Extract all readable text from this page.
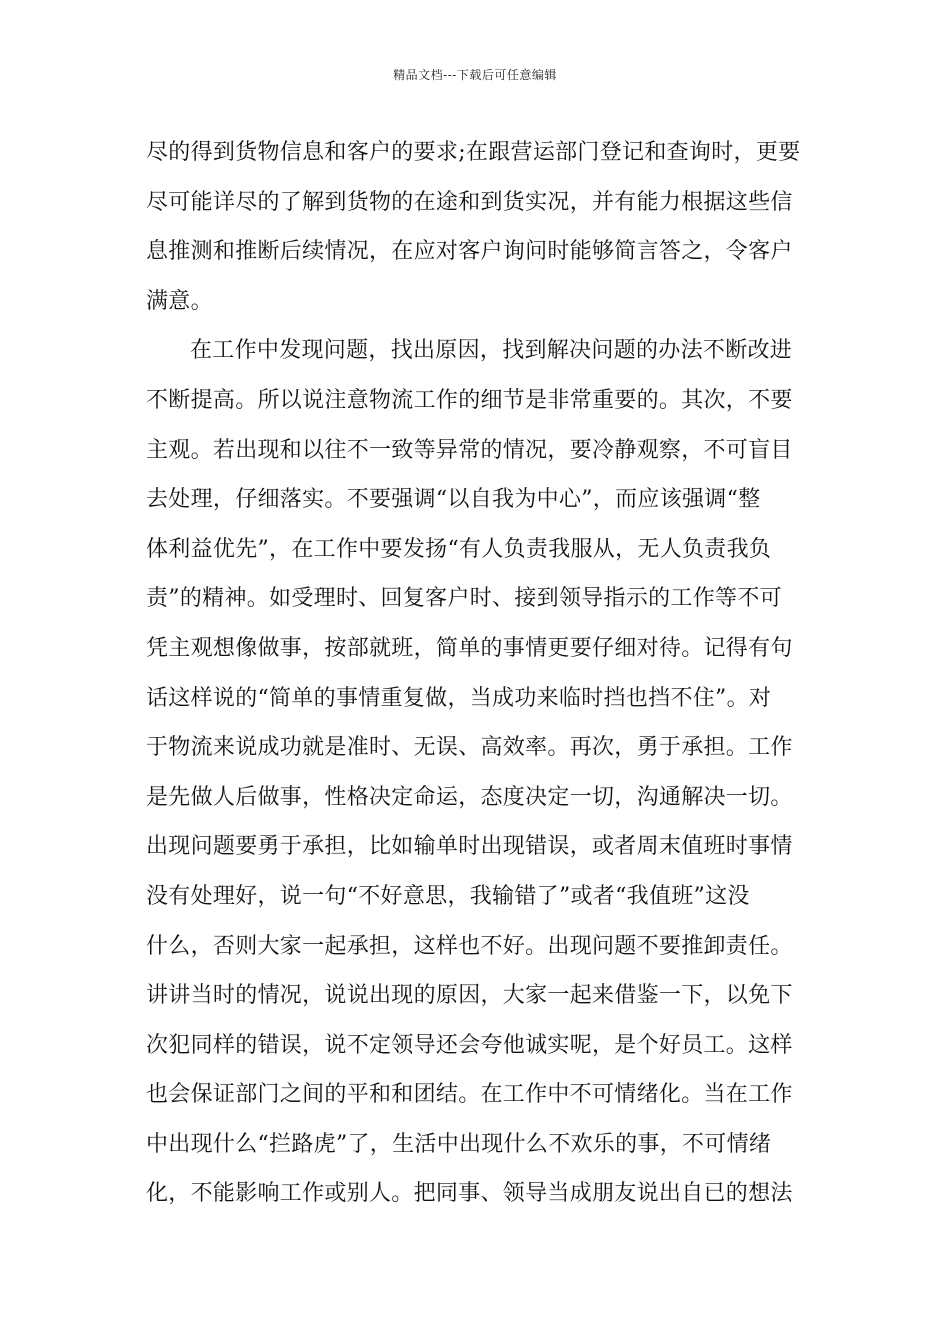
精品文档---下载后可任意编辑
尽的得到货物信息和客户的要求;在跟营运部门登记和查询时，更要
尽可能详尽的了解到货物的在途和到货实况，并有能力根据这些信
息推测和推断后续情况，在应对客户询问时能够简言答之，令客户
满意。
在工作中发现问题，找出原因，找到解决问题的办法不断改进
不断提高。所以说注意物流工作的细节是非常重要的。其次，不要
主观。若出现和以往不一致等异常的情况，要冷静观察，不可盲目
去处理，仔细落实。不要强调“以自我为中心”，而应该强调“整
体利益优先”，在工作中要发扬“有人负责我服从，无人负责我负
责”的精神。如受理时、回复客户时、接到领导指示的工作等不可
凭主观想像做事，按部就班，简单的事情更要仔细对待。记得有句
话这样说的“简单的事情重复做，当成功来临时挡也挡不住”。对
于物流来说成功就是准时、无误、高效率。再次，勇于承担。工作
是先做人后做事，性格决定命运，态度决定一切，沟通解决一切。
出现问题要勇于承担，比如输单时出现错误，或者周末值班时事情
没有处理好，说一句“不好意思，我输错了”或者“我值班”这没
什么，否则大家一起承担，这样也不好。出现问题不要推卸责任。
讲讲当时的情况，说说出现的原因，大家一起来借鉴一下，以免下
次犯同样的错误，说不定领导还会夸他诚实呢，是个好员工。这样
也会保证部门之间的平和和团结。在工作中不可情绪化。当在工作
中出现什么“拦路虎”了，生活中出现什么不欢乐的事，不可情绪
化，不能影响工作或别人。把同事、领导当成朋友说出自已的想法
